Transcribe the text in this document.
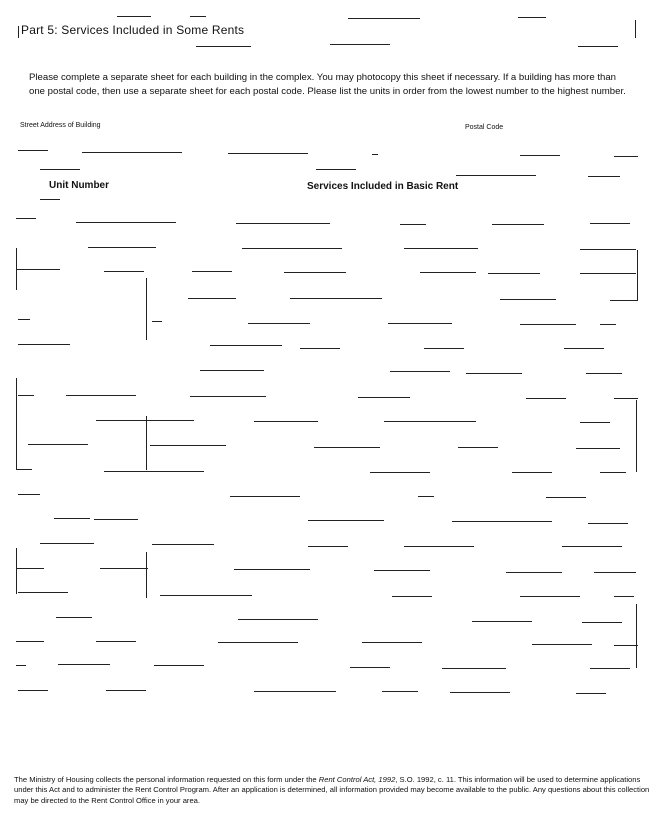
Part 5: Services Included in Some Rents
Please complete a separate sheet for each building in the complex. You may photocopy this sheet if necessary. If a building has more than one postal code, then use a separate sheet for each postal code. Please list the units in order from the lowest number to the highest number.
Street Address of Building	Postal Code
Unit Number	Services Included in Basic Rent
The Ministry of Housing collects the personal information requested on this form under the Rent Control Act, 1992, S.O. 1992, c. 11. This information will be used to determine applications under this Act and to administer the Rent Control Program. After an application is determined, all information provided may become available to the public. Any questions about this collection may be directed to the Rent Control Office in your area.
